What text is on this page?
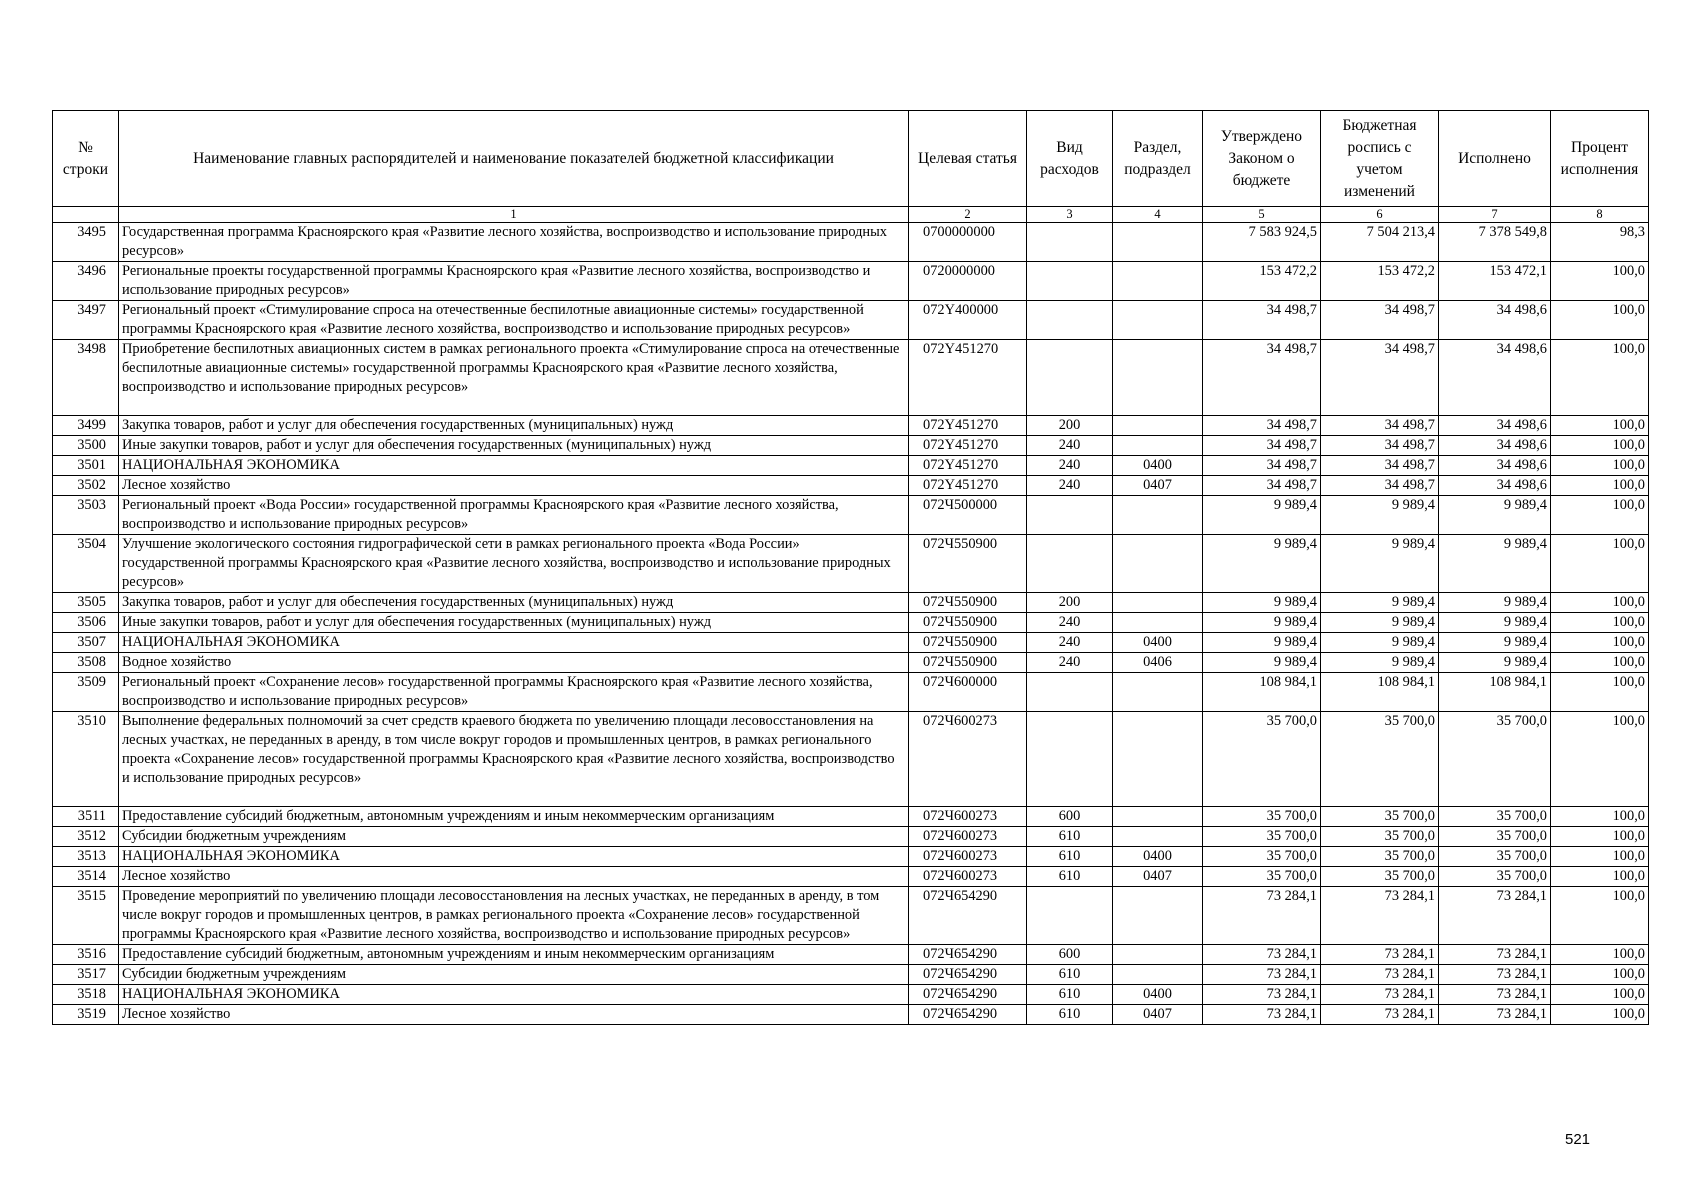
№ строки	Наименование главных распорядителей и наименование показателей бюджетной классификации	Целевая статья	Вид расходов	Раздел, подраздел	Утверждено Законом о бюджете	Бюджетная роспись с учетом изменений	Исполнено	Процент исполнения
	1	2	3	4	5	6	7	8
3495	Государственная программа Красноярского края «Развитие лесного хозяйства, воспроизводство и использование природных ресурсов»	0700000000			7 583 924,5	7 504 213,4	7 378 549,8	98,3
3496	Региональные проекты государственной программы Красноярского края «Развитие лесного хозяйства, воспроизводство и использование природных ресурсов»	0720000000			153 472,2	153 472,2	153 472,1	100,0
3497	Региональный проект «Стимулирование спроса на отечественные беспилотные авиационные системы» государственной программы Красноярского края «Развитие лесного хозяйства, воспроизводство и использование природных ресурсов»	072Y400000			34 498,7	34 498,7	34 498,6	100,0
3498	Приобретение беспилотных авиационных систем в рамках регионального проекта «Стимулирование спроса на отечественные беспилотные авиационные системы» государственной программы Красноярского края «Развитие лесного хозяйства, воспроизводство и использование природных ресурсов»	072Y451270			34 498,7	34 498,7	34 498,6	100,0
3499	Закупка товаров, работ и услуг для обеспечения государственных (муниципальных) нужд	072Y451270	200		34 498,7	34 498,7	34 498,6	100,0
3500	Иные закупки товаров, работ и услуг для обеспечения государственных (муниципальных) нужд	072Y451270	240		34 498,7	34 498,7	34 498,6	100,0
3501	НАЦИОНАЛЬНАЯ ЭКОНОМИКА	072Y451270	240	0400	34 498,7	34 498,7	34 498,6	100,0
3502	Лесное хозяйство	072Y451270	240	0407	34 498,7	34 498,7	34 498,6	100,0
3503	Региональный проект «Вода России» государственной программы Красноярского края «Развитие лесного хозяйства, воспроизводство и использование природных ресурсов»	072Ч500000			9 989,4	9 989,4	9 989,4	100,0
3504	Улучшение экологического состояния гидрографической сети в рамках регионального проекта «Вода России» государственной программы Красноярского края «Развитие лесного хозяйства, воспроизводство и использование природных ресурсов»	072Ч550900			9 989,4	9 989,4	9 989,4	100,0
3505	Закупка товаров, работ и услуг для обеспечения государственных (муниципальных) нужд	072Ч550900	200		9 989,4	9 989,4	9 989,4	100,0
3506	Иные закупки товаров, работ и услуг для обеспечения государственных (муниципальных) нужд	072Ч550900	240		9 989,4	9 989,4	9 989,4	100,0
3507	НАЦИОНАЛЬНАЯ ЭКОНОМИКА	072Ч550900	240	0400	9 989,4	9 989,4	9 989,4	100,0
3508	Водное хозяйство	072Ч550900	240	0406	9 989,4	9 989,4	9 989,4	100,0
3509	Региональный проект «Сохранение лесов» государственной программы Красноярского края «Развитие лесного хозяйства, воспроизводство и использование природных ресурсов»	072Ч600000			108 984,1	108 984,1	108 984,1	100,0
3510	Выполнение федеральных полномочий за счет средств краевого бюджета по увеличению площади лесовосстановления на лесных участках, не переданных в аренду, в том числе вокруг городов и промышленных центров, в рамках регионального проекта «Сохранение лесов» государственной программы Красноярского края «Развитие лесного хозяйства, воспроизводство и использование природных ресурсов»	072Ч600273			35 700,0	35 700,0	35 700,0	100,0
3511	Предоставление субсидий бюджетным, автономным учреждениям и иным некоммерческим организациям	072Ч600273	600		35 700,0	35 700,0	35 700,0	100,0
3512	Субсидии бюджетным учреждениям	072Ч600273	610		35 700,0	35 700,0	35 700,0	100,0
3513	НАЦИОНАЛЬНАЯ ЭКОНОМИКА	072Ч600273	610	0400	35 700,0	35 700,0	35 700,0	100,0
3514	Лесное хозяйство	072Ч600273	610	0407	35 700,0	35 700,0	35 700,0	100,0
3515	Проведение мероприятий по увеличению площади лесовосстановления на лесных участках, не переданных в аренду, в том числе вокруг городов и промышленных центров, в рамках регионального проекта «Сохранение лесов» государственной программы Красноярского края «Развитие лесного хозяйства, воспроизводство и использование природных ресурсов»	072Ч654290			73 284,1	73 284,1	73 284,1	100,0
3516	Предоставление субсидий бюджетным, автономным учреждениям и иным некоммерческим организациям	072Ч654290	600		73 284,1	73 284,1	73 284,1	100,0
3517	Субсидии бюджетным учреждениям	072Ч654290	610		73 284,1	73 284,1	73 284,1	100,0
3518	НАЦИОНАЛЬНАЯ ЭКОНОМИКА	072Ч654290	610	0400	73 284,1	73 284,1	73 284,1	100,0
3519	Лесное хозяйство	072Ч654290	610	0407	73 284,1	73 284,1	73 284,1	100,0
521
